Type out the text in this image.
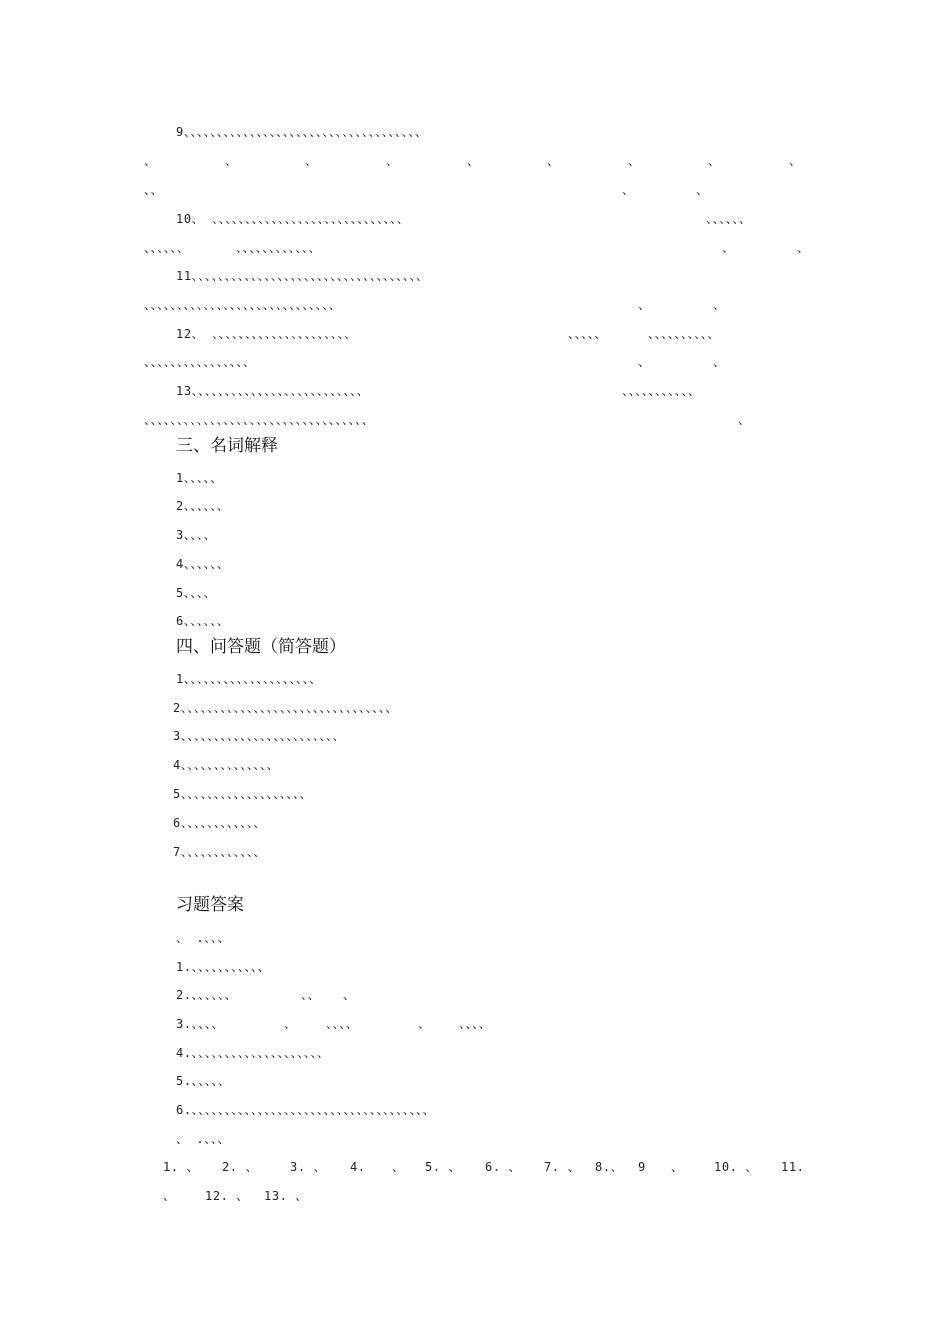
9、、、、、、、、、、、、、、、、、、、、、、、、、、、、、、、、、、、、
、	、	、	、	、	、	、	、	、
、、	、	、
10、 、、、、、、、、、、、、、、、、、、、、、、、、、、、、、	、、、、、、
、、、、、、	、、、、、、、、、、、、	、	、
11、、、、、、、、、、、、、、、、、、、、、、、、、、、、、、、、、、、
、、、、、、、、、、、、、、、、、、、、、、、、、、、、、	、	、
12、 、、、、、、、、、、、、、、、、、、、、、	、、、、、	、、、、、、、、、、
、、、、、、、、、、、、、、、、	、	、
13、、、、、、、、、、、、、、、、、、、、、、、、、、	、、、、、、、、、、、
、、、、、、、、、、、、、、、、、、、、、、、、、、、、、、、、、、	、
三、名词解释
1、、、、、
2、、、、、、
3、、、、
4、、、、、、
5、、、、
6、、、、、、
四、问答题（简答题）
1、、、、、、、、、、、、、、、、、、、、
2、、、、、、、、、、、、、、、、、、、、、、、、、、、、、、、、
3、、、、、、、、、、、、、、、、、、、、、、、、
4、、、、、、、、、、、、、、
5、、、、、、、、、、、、、、、、、、、
6、、、、、、、、、、、、
7、、、、、、、、、、、、
习题答案
、 .、、、
1.、、、、、、、、、、、
2.、、、、、、	、、 、
3.、、、、	、 、、、、	、 、、、、
4.、、、、、、、、、、、、、、、、、、、、
5.、、、、、
6.、、、、、、、、、、、、、、、、、、、、、、、、、、、、、、、、、、、、
、 .、、、
1. 、 2. 、	3. 、 4. 、 5. 、 6. 、 7. 、 8.、 9 、	10. 、 11.
、 12. 、 13. 、
